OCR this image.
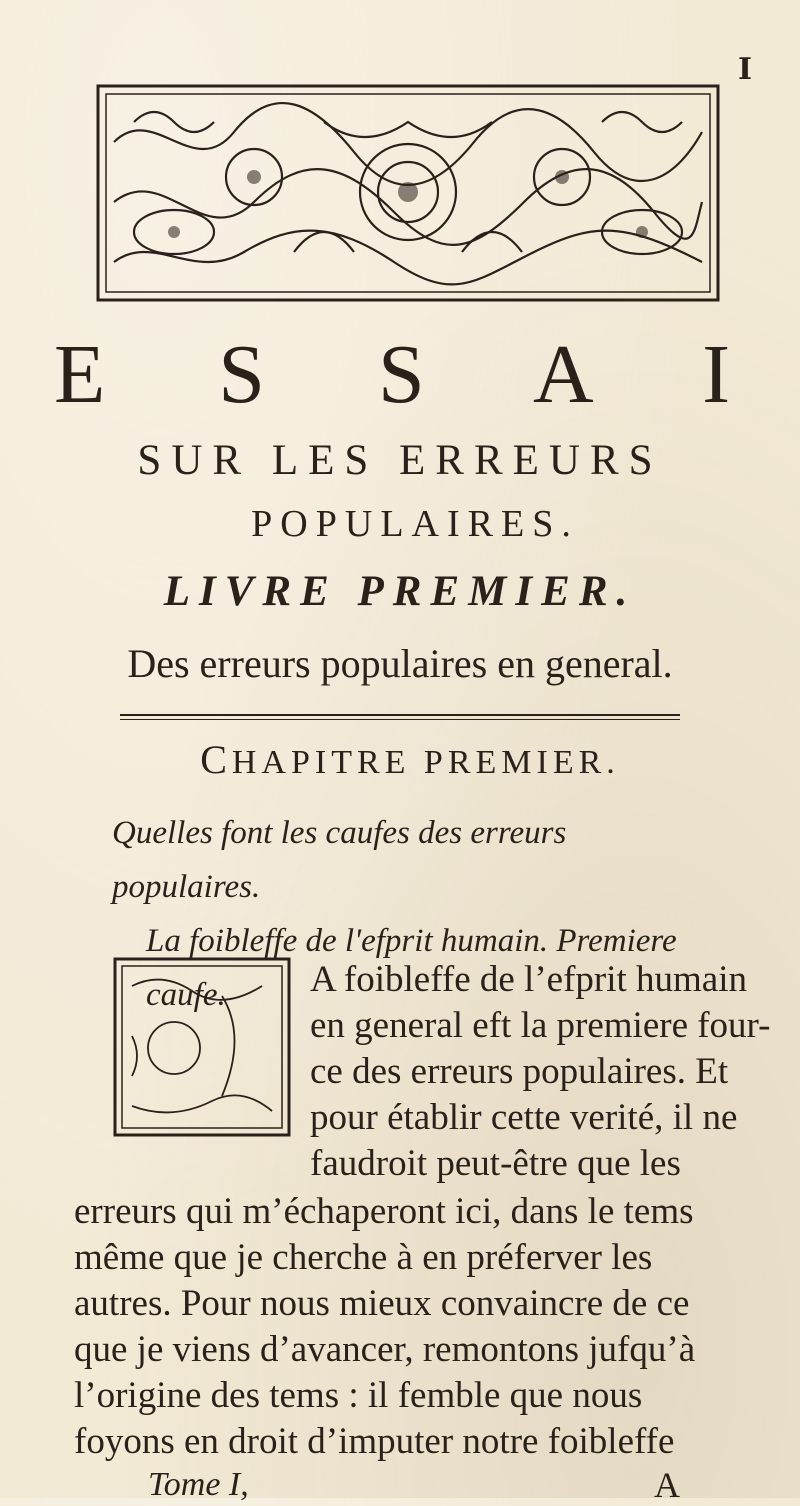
I
E S S A I
SUR LES ERREURS
POPULAIRES.
LIVRE PREMIER.
Des erreurs populaires en general.
CHAPITRE PREMIER.
Quelles font les caufes des erreurs populaires.
La foibleffe de l'efprit humain. Premiere caufe.	A foibleffe de l’efprit humain
en general eft la premiere four-
ce des erreurs populaires. Et
pour établir cette verité, il ne
faudroit peut-être que les
erreurs qui m’échaperont ici, dans le tems
même que je cherche à en préferver les
autres. Pour nous mieux convaincre de ce
que je viens d’avancer, remontons jufqu’à
l’origine des tems : il femble que nous
foyons en droit d’imputer notre foibleffe
Tome I,	A
